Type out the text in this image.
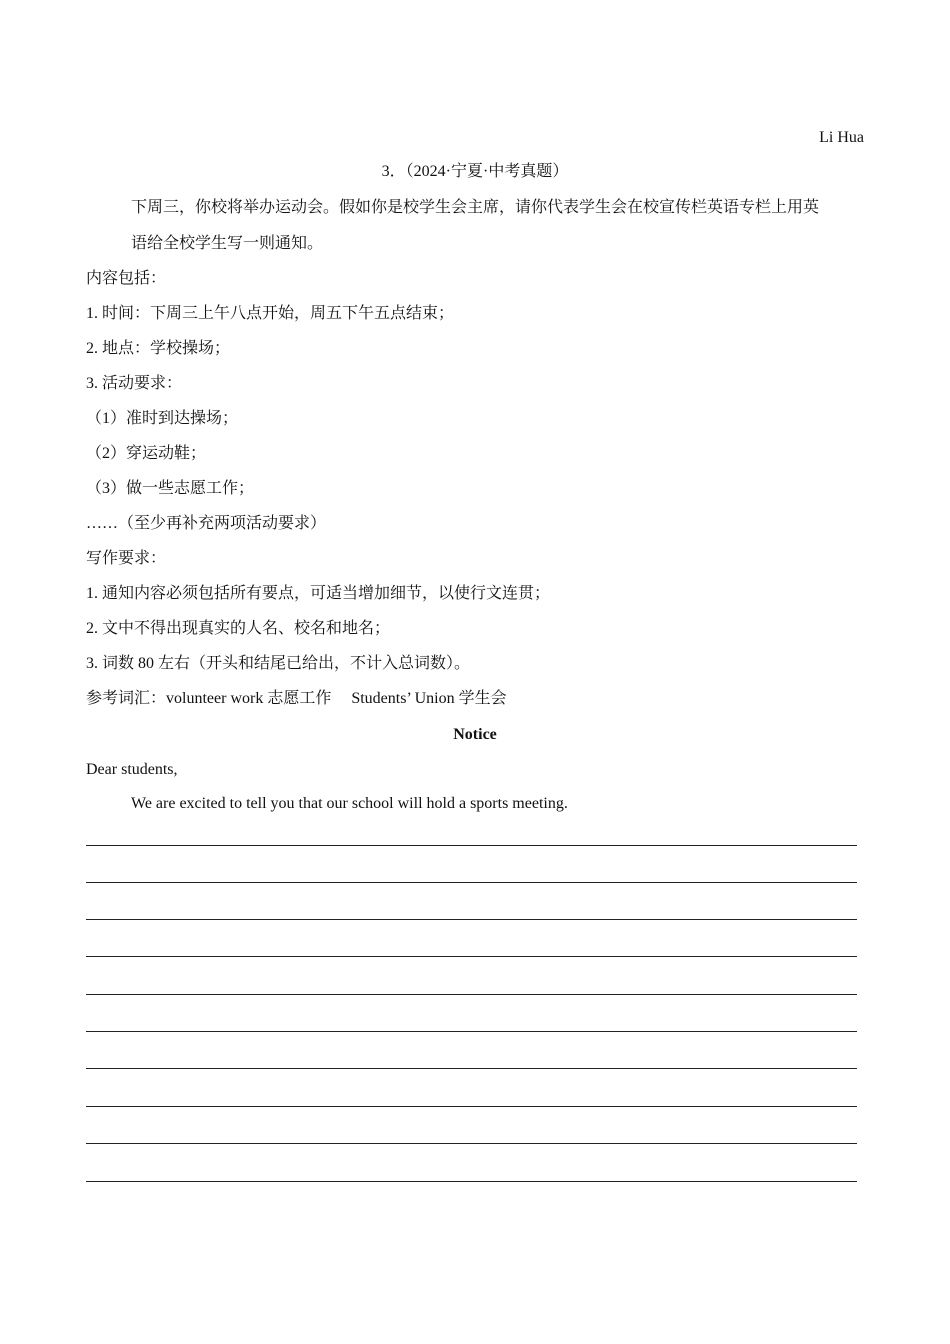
Li Hua
3．（2024·宁夏·中考真题）
下周三，你校将举办运动会。假如你是校学生会主席，请你代表学生会在校宣传栏英语专栏上用英
语给全校学生写一则通知。
内容包括：
1. 时间：下周三上午八点开始，周五下午五点结束；
2. 地点：学校操场；
3. 活动要求：
（1）准时到达操场；
（2）穿运动鞋；
（3）做一些志愿工作；
……（至少再补充两项活动要求）
写作要求：
1. 通知内容必须包括所有要点，可适当增加细节，以使行文连贯；
2. 文中不得出现真实的人名、校名和地名；
3. 词数 80 左右（开头和结尾已给出，不计入总词数）。
参考词汇：volunteer work 志愿工作 Students’ Union 学生会
Notice
Dear students,
We are excited to tell you that our school will hold a sports meeting.
